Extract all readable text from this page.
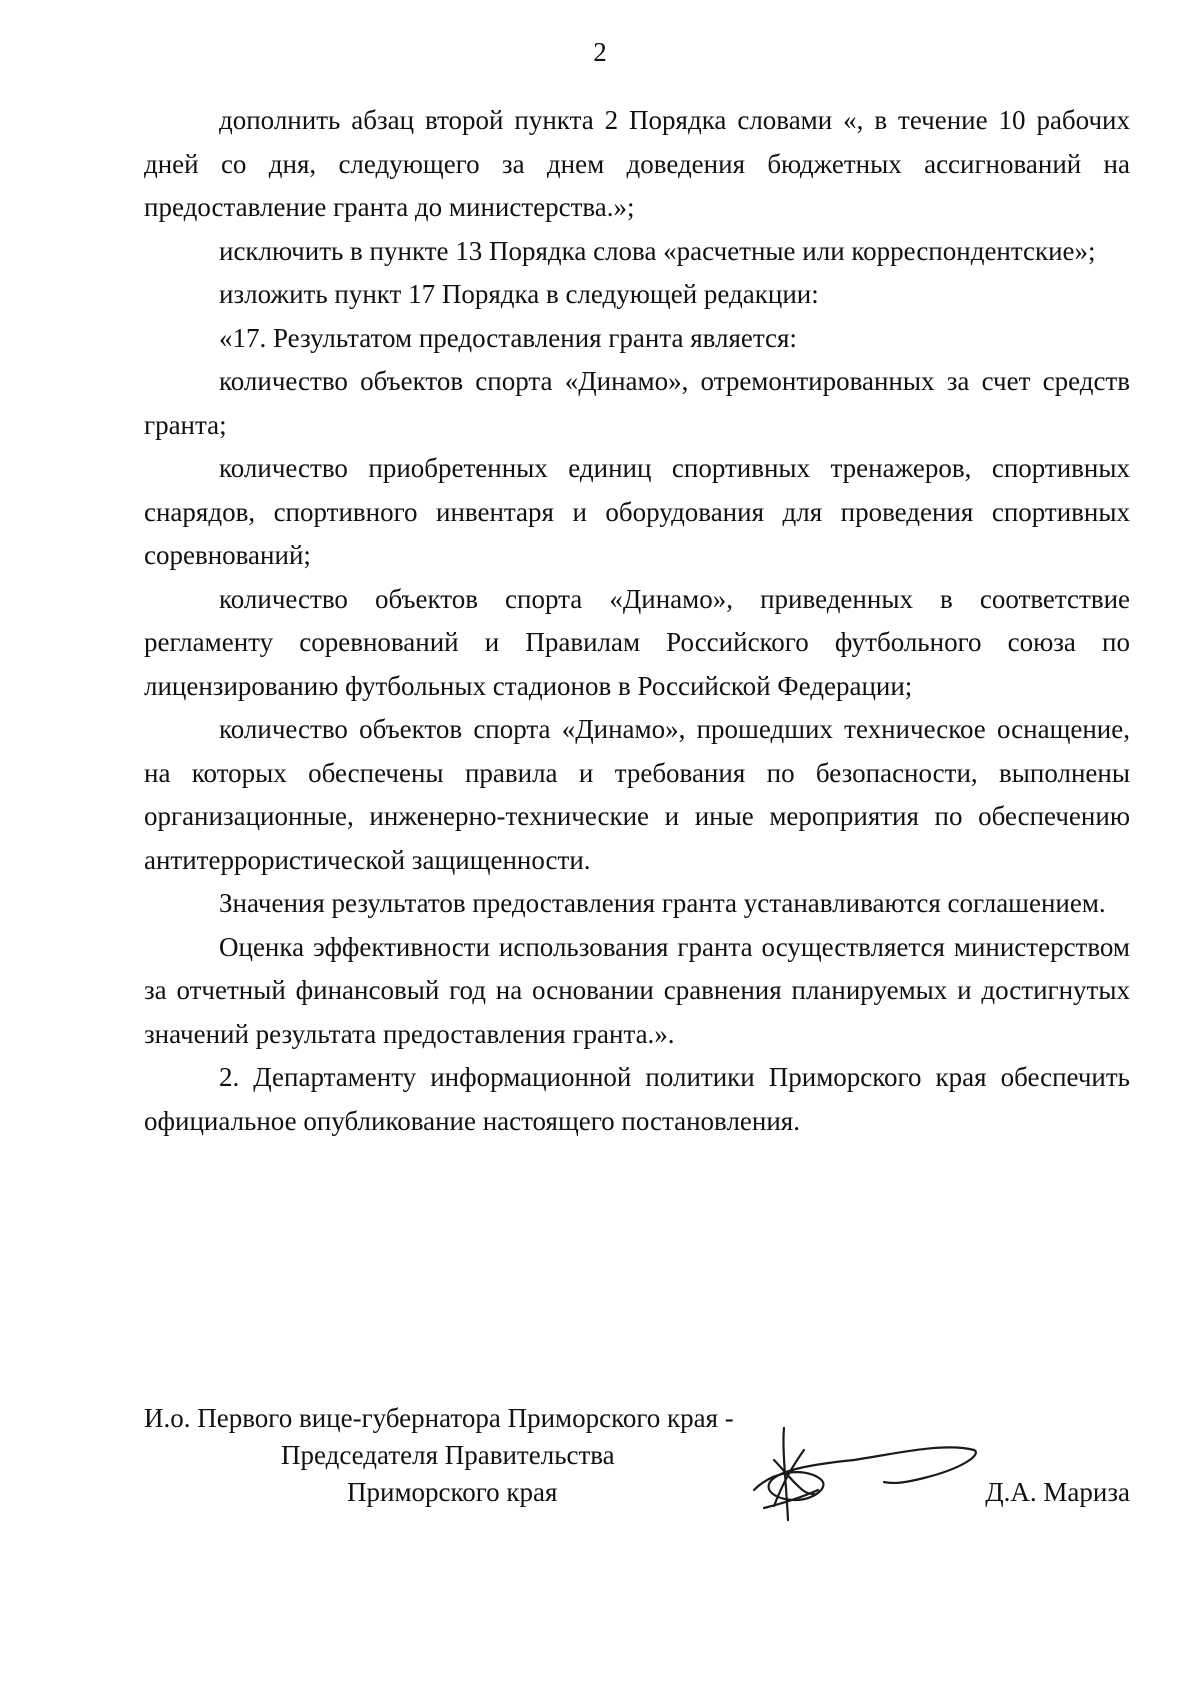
2

дополнить абзац второй пункта 2 Порядка словами «, в течение 10 рабочих дней со дня, следующего за днем доведения бюджетных ассигнований на предоставление гранта до министерства.»;

исключить в пункте 13 Порядка слова «расчетные или корреспондентские»;

изложить пункт 17 Порядка в следующей редакции:

«17. Результатом предоставления гранта является:

количество объектов спорта «Динамо», отремонтированных за счет средств гранта;

количество приобретенных единиц спортивных тренажеров, спортивных снарядов, спортивного инвентаря и оборудования для проведения спортивных соревнований;

количество объектов спорта «Динамо», приведенных в соответствие регламенту соревнований и Правилам Российского футбольного союза по лицензированию футбольных стадионов в Российской Федерации;

количество объектов спорта «Динамо», прошедших техническое оснащение, на которых обеспечены правила и требования по безопасности, выполнены организационные, инженерно-технические и иные мероприятия по обеспечению антитеррористической защищенности.

Значения результатов предоставления гранта устанавливаются соглашением.

Оценка эффективности использования гранта осуществляется министерством за отчетный финансовый год на основании сравнения планируемых и достигнутых значений результата предоставления гранта.».

2. Департаменту информационной политики Приморского края обеспечить официальное опубликование настоящего постановления.

И.о. Первого вице-губернатора Приморского края -
Председателя Правительства
Приморского края	Д.А. Мариза
